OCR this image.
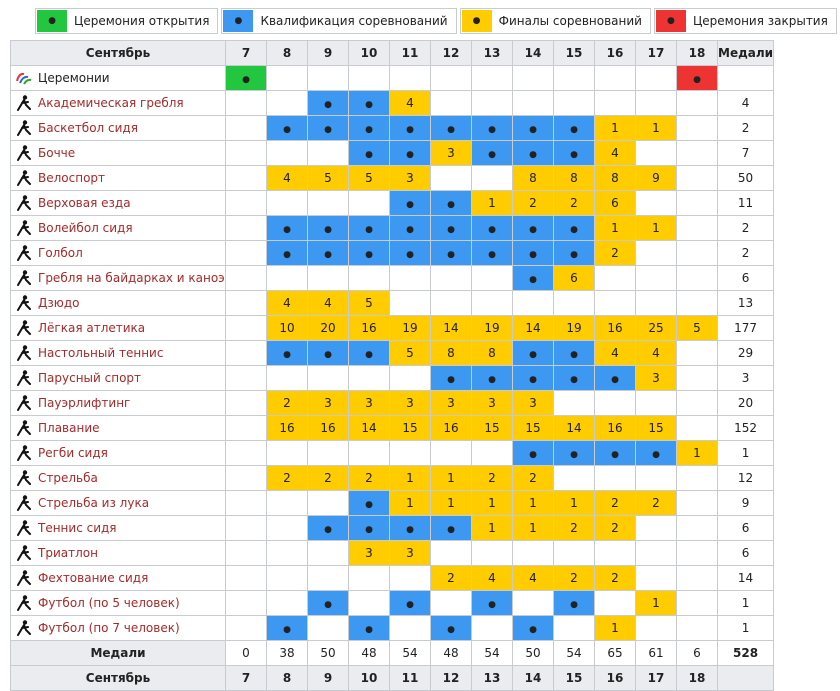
●	Церемония открытия	●	Квалификация соревнований	●	Финалы соревнований	●	Церемония закрытия
Сентябрь	7	8	9	10	11	12	13	14	15	16	17	18	Медали

Церемонии	●											●	

Академическая гребля			●	●	4								4

Баскетбол сидя		●	●	●	●	●	●	●	●	1	1		2

Бочче				●	●	3	●	●	●	4			7

Велоспорт		4	5	5	3			8	8	8	9		50

Верховая езда					●	●	1	2	2	6			11

Волейбол сидя		●	●	●	●	●	●	●	●	1	1		2

Голбол		●	●	●	●	●	●	●	●	2			2

Гребля на байдарках и каноэ								●	6				6

Дзюдо		4	4	5									13

Лёгкая атлетика		10	20	16	19	14	19	14	19	16	25	5	177

Настольный теннис		●	●	●	5	8	8	●	●	4	4		29

Парусный спорт						●	●	●	●	●	3		3

Пауэрлифтинг		2	3	3	3	3	3	3					20

Плавание		16	16	14	15	16	15	15	14	16	15		152

Регби сидя								●	●	●	●	1	1

Стрельба		2	2	2	1	1	2	2					12

Стрельба из лука				●	1	1	1	1	1	2	2		9

Теннис сидя			●	●	●	●	1	1	2	2			6

Триатлон				3	3								6

Фехтование сидя						2	4	4	2	2			14

Футбол (по 5 человек)			●		●		●		●		1		1

Футбол (по 7 человек)		●		●		●		●		1			1
Медали	0	38	50	48	54	48	54	50	54	65	61	6	528
Сентябрь	7	8	9	10	11	12	13	14	15	16	17	18	
